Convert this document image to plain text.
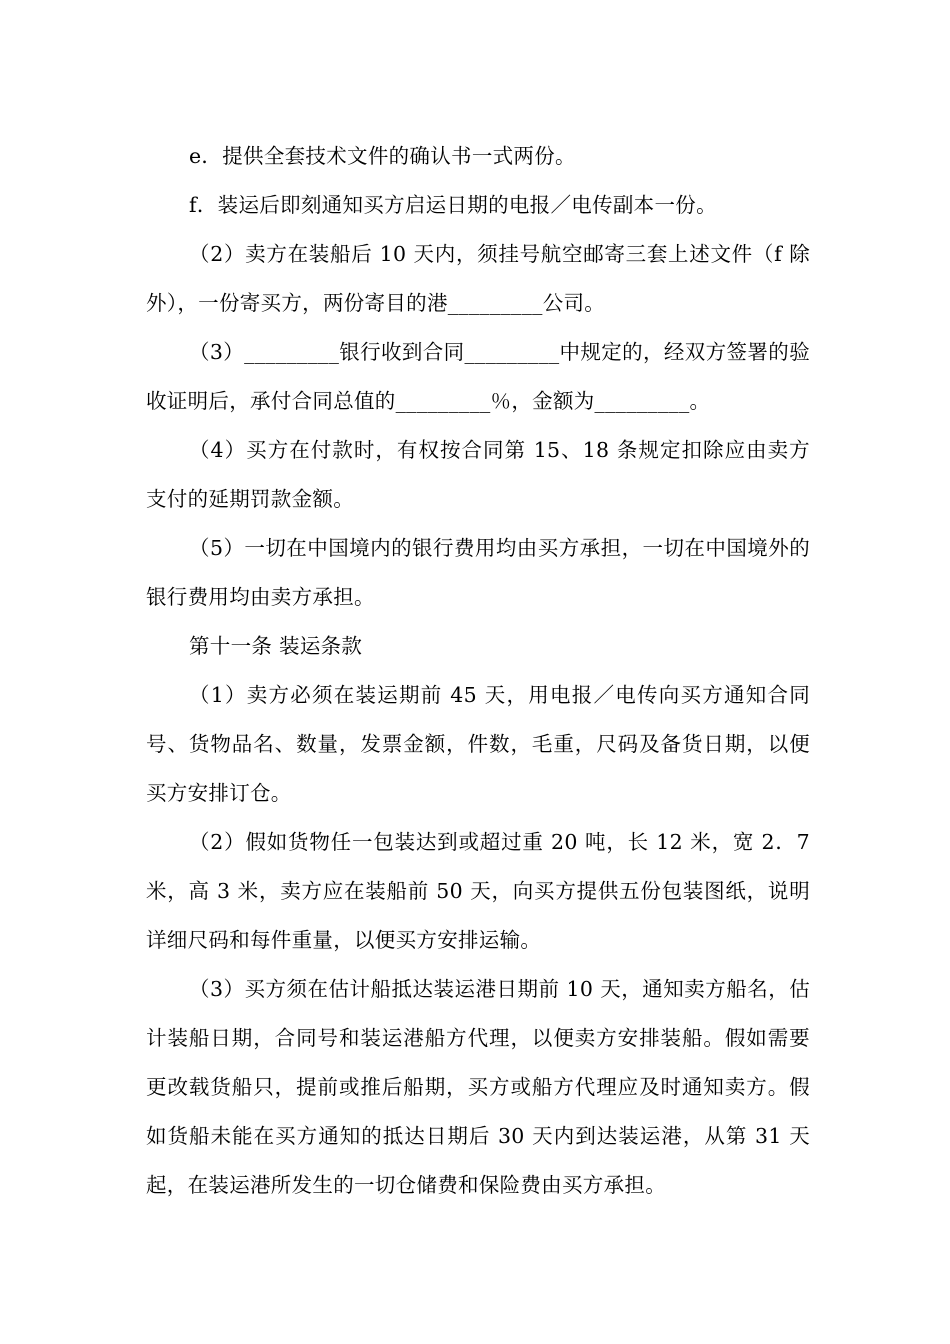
e．提供全套技术文件的确认书一式两份。

f．装运后即刻通知买方启运日期的电报／电传副本一份。

（2）卖方在装船后 10 天内，须挂号航空邮寄三套上述文件（f 除外），一份寄买方，两份寄目的港_________公司。

（3）_________银行收到合同_________中规定的，经双方签署的验收证明后，承付合同总值的_________％，金额为_________。

（4）买方在付款时，有权按合同第 15、18 条规定扣除应由卖方支付的延期罚款金额。

（5）一切在中国境内的银行费用均由买方承担，一切在中国境外的银行费用均由卖方承担。

第十一条 装运条款

（1）卖方必须在装运期前 45 天，用电报／电传向买方通知合同号、货物品名、数量，发票金额，件数，毛重，尺码及备货日期，以便买方安排订仓。

（2）假如货物任一包装达到或超过重 20 吨，长 12 米，宽 2．7米，高 3 米，卖方应在装船前 50 天，向买方提供五份包装图纸，说明详细尺码和每件重量，以便买方安排运输。

（3）买方须在估计船抵达装运港日期前 10 天，通知卖方船名，估计装船日期，合同号和装运港船方代理，以便卖方安排装船。假如需要更改载货船只，提前或推后船期，买方或船方代理应及时通知卖方。假如货船未能在买方通知的抵达日期后 30 天内到达装运港，从第 31 天起，在装运港所发生的一切仓储费和保险费由买方承担。
